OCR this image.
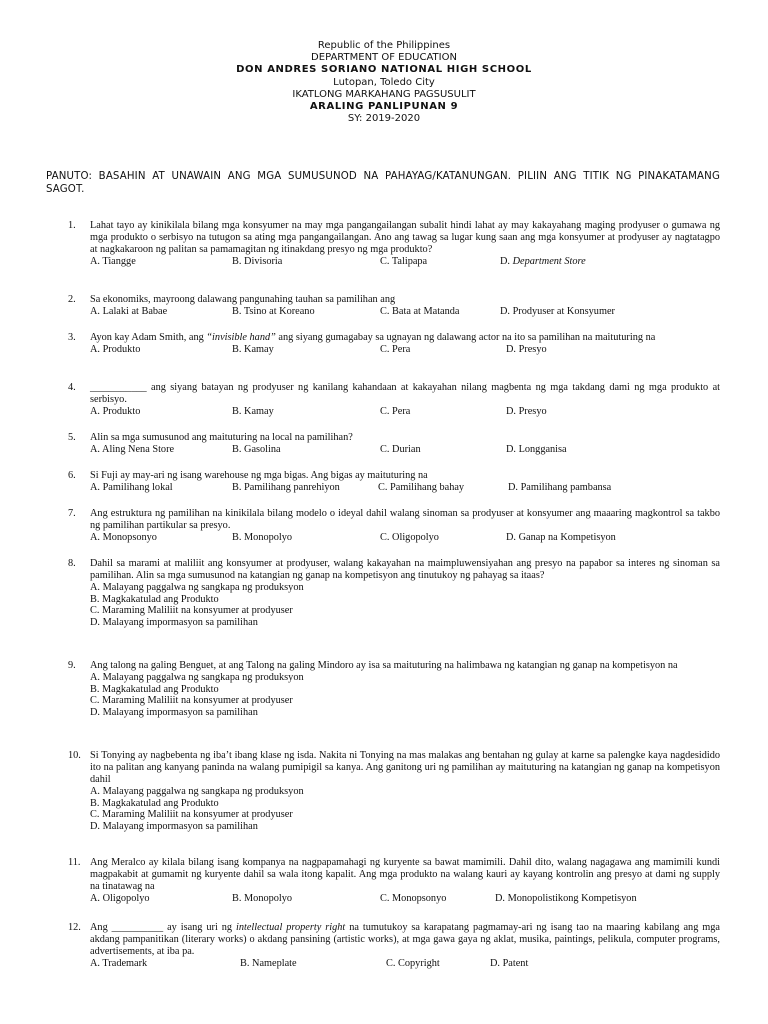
Republic of the Philippines
DEPARTMENT OF EDUCATION
DON ANDRES SORIANO NATIONAL HIGH SCHOOL
Lutopan, Toledo City
IKATLONG MARKAHANG PAGSUSULIT
ARALING PANLIPUNAN 9
SY: 2019-2020
PANUTO: BASAHIN AT UNAWAIN ANG MGA SUMUSUNOD NA PAHAYAG/KATANUNGAN. PILIIN ANG TITIK NG PINAKATAMANG SAGOT.
1.	Lahat tayo ay kinikilala bilang mga konsyumer na may mga pangangailangan subalit hindi lahat ay may kakayahang maging prodyuser o gumawa ng mga produkto o serbisyo na tutugon sa ating mga pangangailangan. Ano ang tawag sa lugar kung saan ang mga konsyumer at prodyuser ay nagtatagpo at nagkakaroon ng palitan sa pamamagitan ng itinakdang presyo ng mga produkto?
A. Tiangge	B. Divisoria	C. Talipapa	D. Department Store
2.	Sa ekonomiks, mayroong dalawang pangunahing tauhan sa pamilihan ang
A. Lalaki at Babae	B. Tsino at Koreano	C. Bata at Matanda	D. Prodyuser at Konsyumer
3.	Ayon kay Adam Smith, ang “invisible hand” ang siyang gumagabay sa ugnayan ng dalawang actor na ito sa pamilihan na maituturing na
A. Produkto	B. Kamay	C. Pera	D. Presyo
4.	___________ ang siyang batayan ng prodyuser ng kanilang kahandaan at kakayahan nilang magbenta ng mga takdang dami ng mga produkto at serbisyo.
A. Produkto	B. Kamay	C. Pera	D. Presyo
5.	Alin sa mga sumusunod ang maituturing na local na pamilihan?
A. Aling Nena Store	B. Gasolina	C. Durian	D. Longganisa
6.	Si Fuji ay may-ari ng isang warehouse ng mga bigas. Ang bigas ay maituturing na
A. Pamilihang lokal	B. Pamilihang panrehiyon	C. Pamilihang bahay	D. Pamilihang pambansa
7.	Ang estruktura ng pamilihan na kinikilala bilang modelo o ideyal dahil walang sinoman sa prodyuser at konsyumer ang maaaring magkontrol sa takbo ng pamilihan partikular sa presyo.
A. Monopsonyo	B. Monopolyo	C. Oligopolyo	D. Ganap na Kompetisyon
8.	Dahil sa marami at maliliit ang konsyumer at prodyuser, walang kakayahan na maimpluwensiyahan ang presyo na papabor sa interes ng sinoman sa pamilihan. Alin sa mga sumusunod na katangian ng ganap na kompetisyon ang tinutukoy ng pahayag sa itaas?
A. Malayang paggalwa ng sangkapa ng produksyon
B. Magkakatulad ang Produkto
C. Maraming Maliliit na konsyumer at prodyuser
D. Malayang impormasyon sa pamilihan
9.	Ang talong na galing Benguet, at ang Talong na galing Mindoro ay isa sa maituturing na halimbawa ng katangian ng ganap na kompetisyon na
A. Malayang paggalwa ng sangkapa ng produksyon
B. Magkakatulad ang Produkto
C. Maraming Maliliit na konsyumer at prodyuser
D. Malayang impormasyon sa pamilihan
10. Si Tonying ay nagbebenta ng iba’t ibang klase ng isda. Nakita ni Tonying na mas malakas ang bentahan ng gulay at karne sa palengke kaya nagdesidido ito na palitan ang kanyang paninda na walang pumipigil sa kanya. Ang ganitong uri ng pamilihan ay maituturing na katangian ng ganap na kompetisyon dahil
A. Malayang paggalwa ng sangkapa ng produksyon
B. Magkakatulad ang Produkto
C. Maraming Maliliit na konsyumer at prodyuser
D. Malayang impormasyon sa pamilihan
11. Ang Meralco ay kilala bilang isang kompanya na nagpapamahagi ng kuryente sa bawat mamimili. Dahil dito, walang nagagawa ang mamimili kundi magpakabit at gumamit ng kuryente dahil sa wala itong kapalit. Ang mga produkto na walang kauri ay kayang kontrolin ang presyo at dami ng supply na tinatawag na
A. Oligopolyo	B. Monopolyo	C. Monopsonyo	D. Monopolistikong Kompetisyon
12. Ang __________ ay isang uri ng intellectual property right na tumutukoy sa karapatang pagmamay-ari ng isang tao na maaring kabilang ang mga akdang pampanitikan (literary works) o akdang pansining (artistic works), at mga gawa gaya ng aklat, musika, paintings, pelikula, computer programs, advertisements, at iba pa.
A. Trademark	B. Nameplate	C. Copyright	D. Patent
